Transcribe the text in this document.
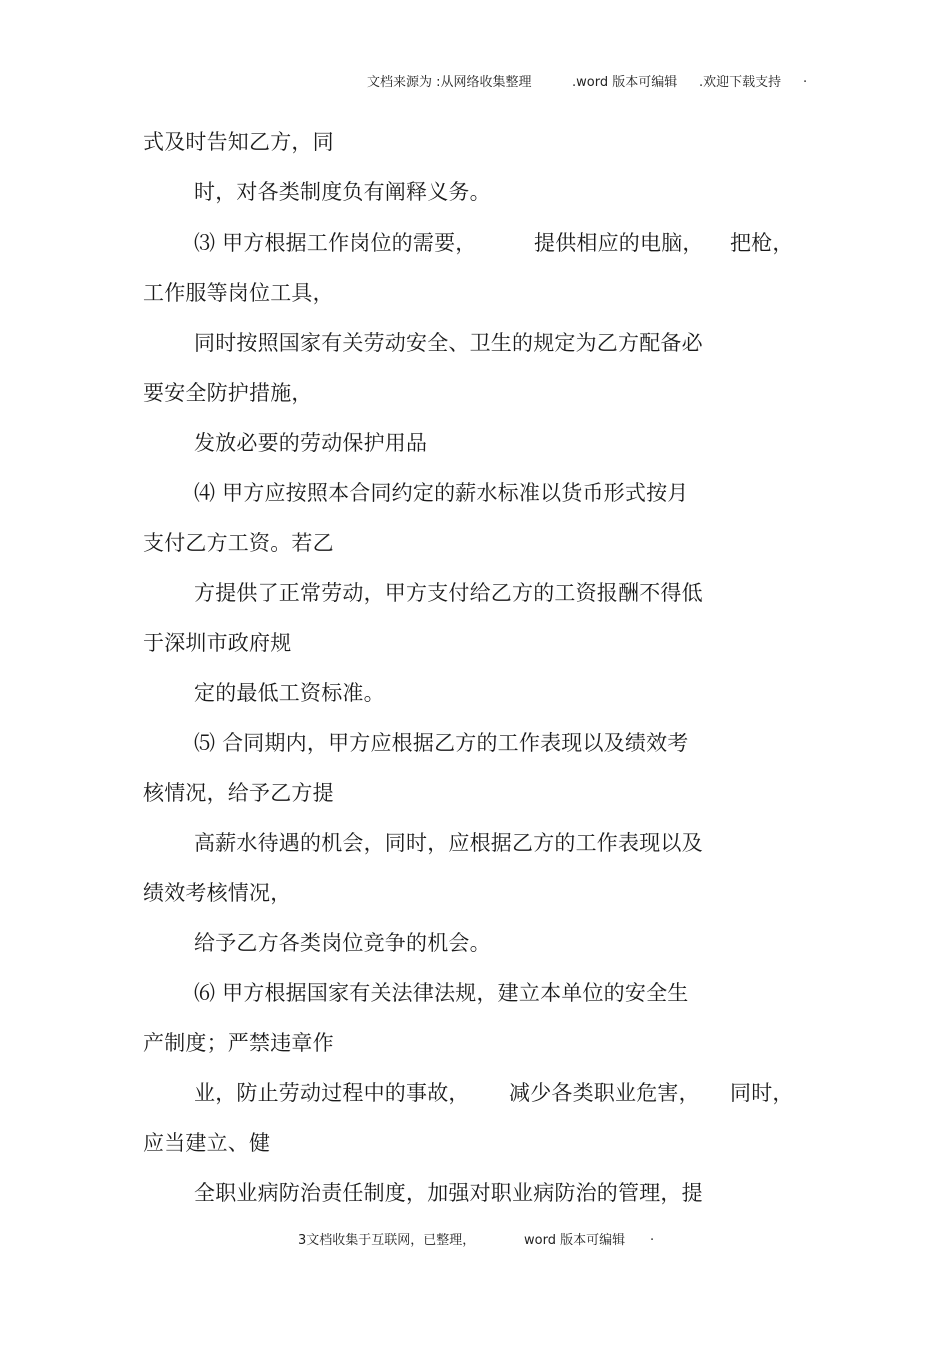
文档来源为 :从网络收集整理	.word 版本可编辑 .欢迎下载支持 .
式及时告知乙方，同
时，对各类制度负有阐释义务。
⑶ 甲方根据工作岗位的需要，	提供相应的电脑， 把枪，
工作服等岗位工具，
同时按照国家有关劳动安全、卫生的规定为乙方配备必
要安全防护措施，
发放必要的劳动保护用品
⑷ 甲方应按照本合同约定的薪水标准以货币形式按月
支付乙方工资。若乙
方提供了正常劳动，甲方支付给乙方的工资报酬不得低
于深圳市政府规
定的最低工资标准。
⑸ 合同期内，甲方应根据乙方的工作表现以及绩效考
核情况，给予乙方提
高薪水待遇的机会，同时，应根据乙方的工作表现以及
绩效考核情况，
给予乙方各类岗位竞争的机会。
⑹ 甲方根据国家有关法律法规，建立本单位的安全生
产制度；严禁违章作
业，防止劳动过程中的事故， 减少各类职业危害， 同时，
应当建立、健
全职业病防治责任制度，加强对职业病防治的管理，提
3文档收集于互联网，已整理，	word 版本可编辑 .
